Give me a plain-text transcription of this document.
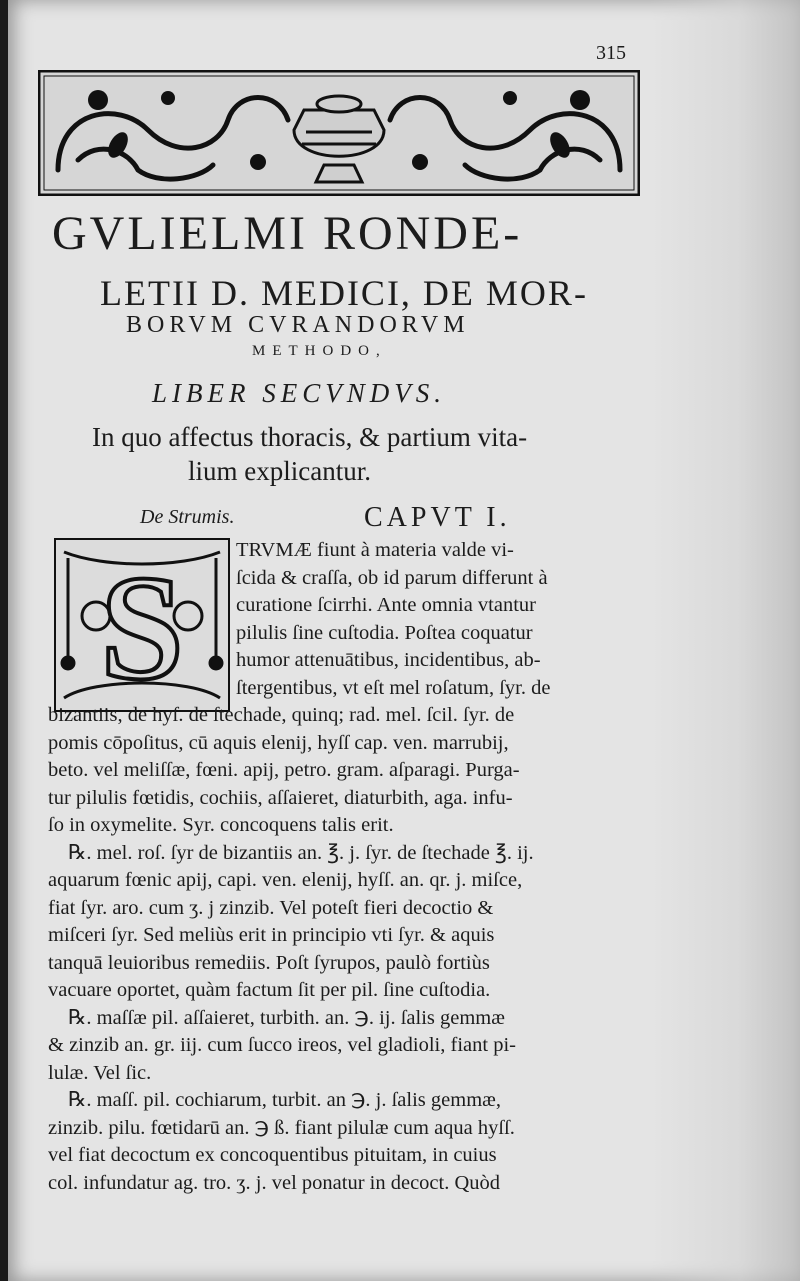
315
GVLIELMI RONDE-
LETII D. MEDICI, DE MOR-
BORVM CVRANDORVM
METHODO,
LIBER SECVNDVS.
In quo affectus thoracis, & partium vita-
lium explicantur.
De Strumis.	CAPVT I.
S	TRVMÆ fiunt à materia valde vi-
ſcida & craſſa, ob id parum differunt à
curatione ſcirrhi. Ante omnia vtantur
pilulis ſine cuſtodia. Poſtea coquatur
humor attenuātibus, incidentibus, ab-
ſtergentibus, vt eſt mel roſatum, ſyr. de
bizantiis, de hyſ. de ſtechade, quinq; rad. mel. ſcil. ſyr. de
pomis cōpoſitus, cū aquis elenij, hyſſ cap. ven. marrubij,
beto. vel meliſſæ, fœni. apij, petro. gram. aſparagi. Purga-
tur pilulis fœtidis, cochiis, aſſaieret, diaturbith, aga. infu-
ſo in oxymelite. Syr. concoquens talis erit.
℞. mel. roſ. ſyr de bizantiis an. ℥. j. ſyr. de ſtechade ℥. ij.
aquarum fœnic apij, capi. ven. elenij, hyſſ. an. qr. j. miſce,
fiat ſyr. aro. cum ʒ. j zinzib. Vel poteſt fieri decoctio &
miſceri ſyr. Sed meliùs erit in principio vti ſyr. & aquis
tanquā leuioribus remediis. Poſt ſyrupos, paulò fortiùs
vacuare oportet, quàm factum ſit per pil. ſine cuſtodia.
℞. maſſæ pil. aſſaieret, turbith. an. ℈. ij. ſalis gemmæ
& zinzib an. gr. iij. cum ſucco ireos, vel gladioli, fiant pi-
lulæ. Vel ſic.
℞. maſſ. pil. cochiarum, turbit. an ℈. j. ſalis gemmæ,
zinzib. pilu. fœtidarū an. ℈ ß. fiant pilulæ cum aqua hyſſ.
vel fiat decoctum ex concoquentibus pituitam, in cuius
col. infundatur ag. tro. ʒ. j. vel ponatur in decoct. Quòd
